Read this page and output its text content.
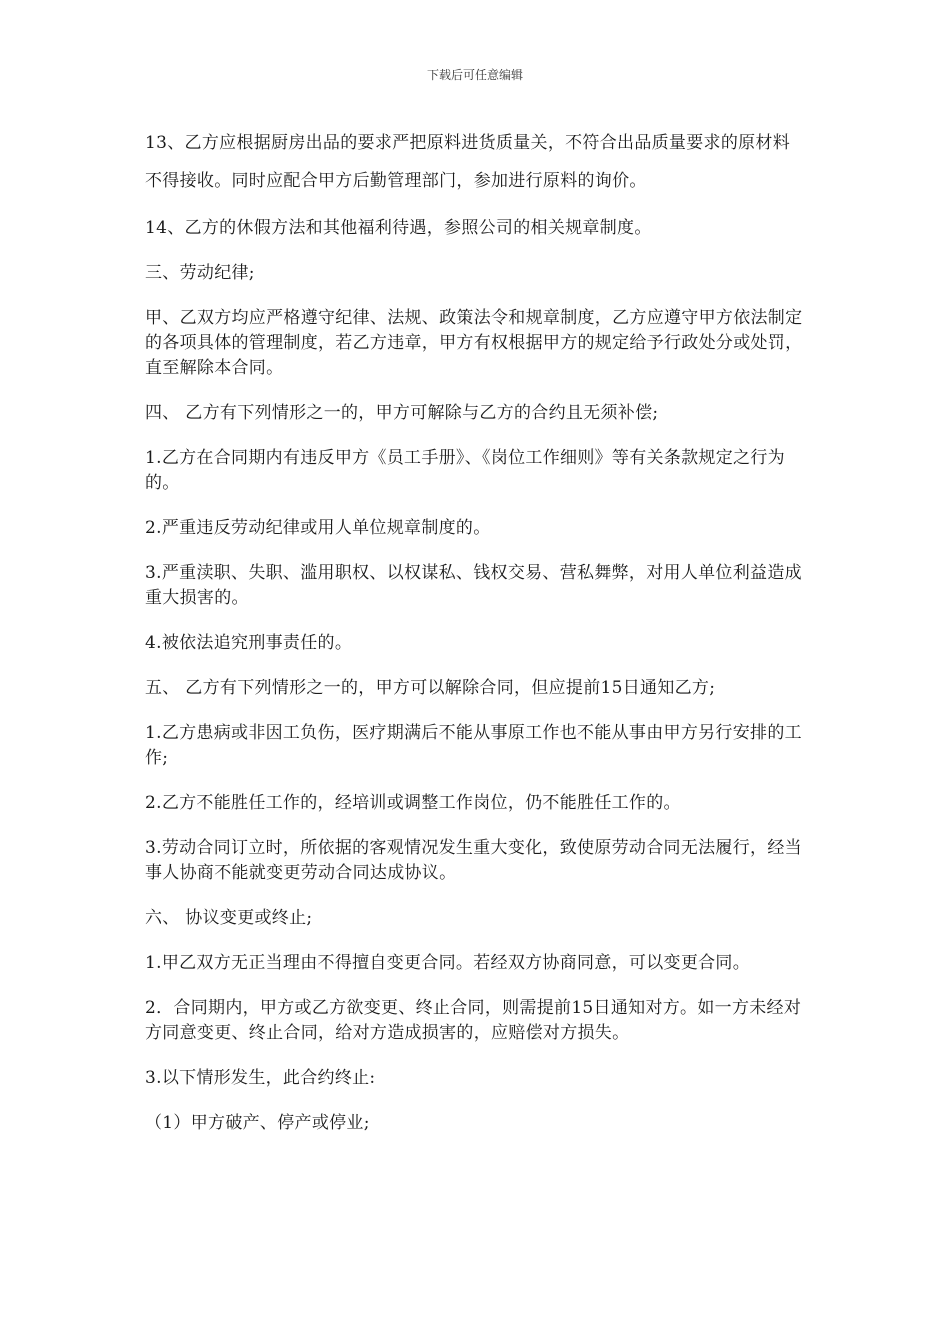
下载后可任意编辑

13、乙方应根据厨房出品的要求严把原料进货质量关，不符合出品质量要求的原材料不得接收。同时应配合甲方后勤管理部门，参加进行原料的询价。

14、乙方的休假方法和其他福利待遇，参照公司的相关规章制度。

三、劳动纪律;

甲、乙双方均应严格遵守纪律、法规、政策法令和规章制度，乙方应遵守甲方依法制定的各项具体的管理制度，若乙方违章，甲方有权根据甲方的规定给予行政处分或处罚，直至解除本合同。

四、 乙方有下列情形之一的，甲方可解除与乙方的合约且无须补偿;

1.乙方在合同期内有违反甲方《员工手册》、《岗位工作细则》等有关条款规定之行为的。

2.严重违反劳动纪律或用人单位规章制度的。

3.严重渎职、失职、滥用职权、以权谋私、钱权交易、营私舞弊，对用人单位利益造成重大损害的。

4.被依法追究刑事责任的。

五、 乙方有下列情形之一的，甲方可以解除合同，但应提前15日通知乙方;

1.乙方患病或非因工负伤，医疗期满后不能从事原工作也不能从事由甲方另行安排的工作;

2.乙方不能胜任工作的，经培训或调整工作岗位，仍不能胜任工作的。

3.劳动合同订立时，所依据的客观情况发生重大变化，致使原劳动合同无法履行，经当事人协商不能就变更劳动合同达成协议。

六、 协议变更或终止;

1.甲乙双方无正当理由不得擅自变更合同。若经双方协商同意，可以变更合同。

2．合同期内，甲方或乙方欲变更、终止合同，则需提前15日通知对方。如一方未经对方同意变更、终止合同，给对方造成损害的，应赔偿对方损失。

3.以下情形发生，此合约终止:

（1）甲方破产、停产或停业;
